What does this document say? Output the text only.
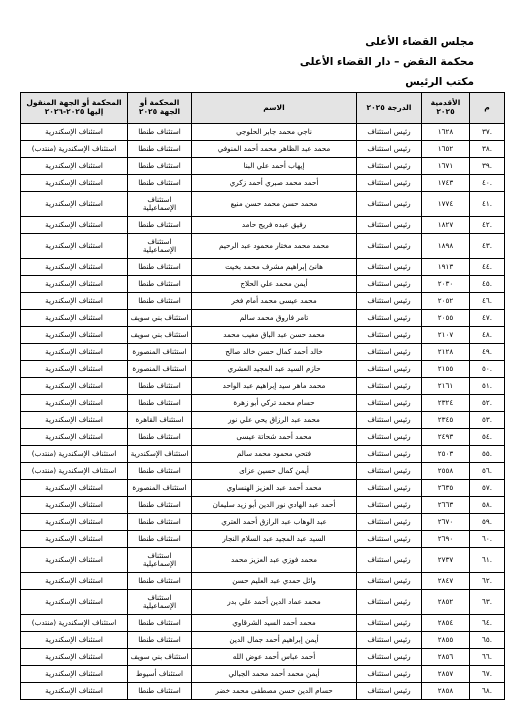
مجلس القضاء الأعلى
محكمة النقض – دار القضاء الأعلى
مكتب الرئيس
م	الأقدمية ٢٠٢٥	الدرجة ٢٠٢٥	الاسم	المحكمة أو الجهة ٢٠٢٥	المحكمة أو الجهة المنقول إليها ٢٠٢٥-٢٠٢٦
.٣٧	١٦٢٨	رئيس استئناف	ناجي محمد جابر الحلوجي	استئناف طنطا	استئناف الإسكندرية
.٣٨	١٦٥٢	رئيس استئناف	محمد عبد الظاهر محمد أحمد المنوفي	استئناف طنطا	استئناف الإسكندرية (منتدب)
.٣٩	١٦٧١	رئيس استئناف	إيهاب أحمد علي البنا	استئناف طنطا	استئناف الإسكندرية
.٤٠	١٧٤٣	رئيس استئناف	أحمد محمد صبري أحمد زكري	استئناف طنطا	استئناف الإسكندرية
.٤١	١٧٧٤	رئيس استئناف	محمد حسن محمد حسن منيع	استئناف الإسماعيلية	استئناف الإسكندرية
.٤٢	١٨٢٧	رئيس استئناف	رفيق عبده فريج حامد	استئناف طنطا	استئناف الإسكندرية
.٤٣	١٨٩٨	رئيس استئناف	محمد محمد مختار محمود عبد الرحيم	استئناف الإسماعيلية	استئناف الإسكندرية
.٤٤	١٩١٣	رئيس استئناف	هانئ إبراهيم مشرف محمد بخيت	استئناف طنطا	استئناف الإسكندرية
.٤٥	٢٠٣٠	رئيس استئناف	أيمن محمد علي الحلاج	استئناف طنطا	استئناف الإسكندرية
.٤٦	٢٠٥٢	رئيس استئناف	محمد عيسى محمد أمام فخر	استئناف طنطا	استئناف الإسكندرية
.٤٧	٢٠٥٥	رئيس استئناف	تامر فاروق محمد سالم	استئناف بني سويف	استئناف الإسكندرية
.٤٨	٢١٠٧	رئيس استئناف	محمد حسن عبد الباق مغيب محمد	استئناف بني سويف	استئناف الإسكندرية
.٤٩	٢١٢٨	رئيس استئناف	خالد أحمد كمال حسن خالد صالح	استئناف المنصورة	استئناف الإسكندرية
.٥٠	٢١٥٥	رئيس استئناف	حازم السيد عبد المجيد العشري	استئناف المنصورة	استئناف الإسكندرية
.٥١	٢١٦١	رئيس استئناف	محمد ماهر سيد إبراهيم عبد الواحد	استئناف طنطا	استئناف الإسكندرية
.٥٢	٢٣٢٤	رئيس استئناف	حسام محمد تركي أبو زهرة	استئناف طنطا	استئناف الإسكندرية
.٥٣	٢٣٤٥	رئيس استئناف	محمد عبد الرزاق يحي علي نور	استئناف القاهرة	استئناف الإسكندرية
.٥٤	٢٤٩٣	رئيس استئناف	محمد أحمد شحاتة عيسى	استئناف طنطا	استئناف الإسكندرية
.٥٥	٢٥٠٣	رئيس استئناف	فتحي محمود محمد سالم	استئناف الإسكندرية	استئناف الإسكندرية (منتدب)
.٥٦	٢٥٥٨	رئيس استئناف	أيمن كمال حسين عزاى	استئناف طنطا	استئناف الإسكندرية (منتدب)
.٥٧	٢٦٣٥	رئيس استئناف	محمد أحمد عبد العزيز الهنساوي	استئناف المنصورة	استئناف الإسكندرية
.٥٨	٢٦٦٣	رئيس استئناف	أحمد عبد الهادي نور الدين أبو زيد سليمان	استئناف طنطا	استئناف الإسكندرية
.٥٩	٢٦٧٠	رئيس استئناف	عبد الوهاب عبد الرازق أحمد العتري	استئناف طنطا	استئناف الإسكندرية
.٦٠	٢٦٩٠	رئيس استئناف	السيد عبد المجيد عبد السلام النجار	استئناف طنطا	استئناف الإسكندرية
.٦١	٢٧٣٧	رئيس استئناف	محمد فوزي عبد العزيز محمد	استئناف الإسماعيلية	استئناف الإسكندرية
.٦٢	٢٨٤٧	رئيس استئناف	وائل حمدي عبد العليم حسن	استئناف طنطا	استئناف الإسكندرية
.٦٣	٢٨٥٢	رئيس استئناف	محمد عماد الدين أحمد علي بدر	استئناف الإسماعيلية	استئناف الإسكندرية
.٦٤	٢٨٥٤	رئيس استئناف	محمد أحمد السيد الشرقاوي	استئناف طنطا	استئناف الإسكندرية (منتدب)
.٦٥	٢٨٥٥	رئيس استئناف	أيمن إبراهيم أحمد جمال الدين	استئناف طنطا	استئناف الإسكندرية
.٦٦	٢٨٥٦	رئيس استئناف	أحمد عباس أحمد عوض الله	استئناف بني سويف	استئناف الإسكندرية
.٦٧	٢٨٥٧	رئيس استئناف	أيمن محمد أحمد محمد الجبالي	استئناف أسيوط	استئناف الإسكندرية
.٦٨	٢٨٥٨	رئيس استئناف	حسام الدين حسن مصطفى محمد خضر	استئناف طنطا	استئناف الإسكندرية
